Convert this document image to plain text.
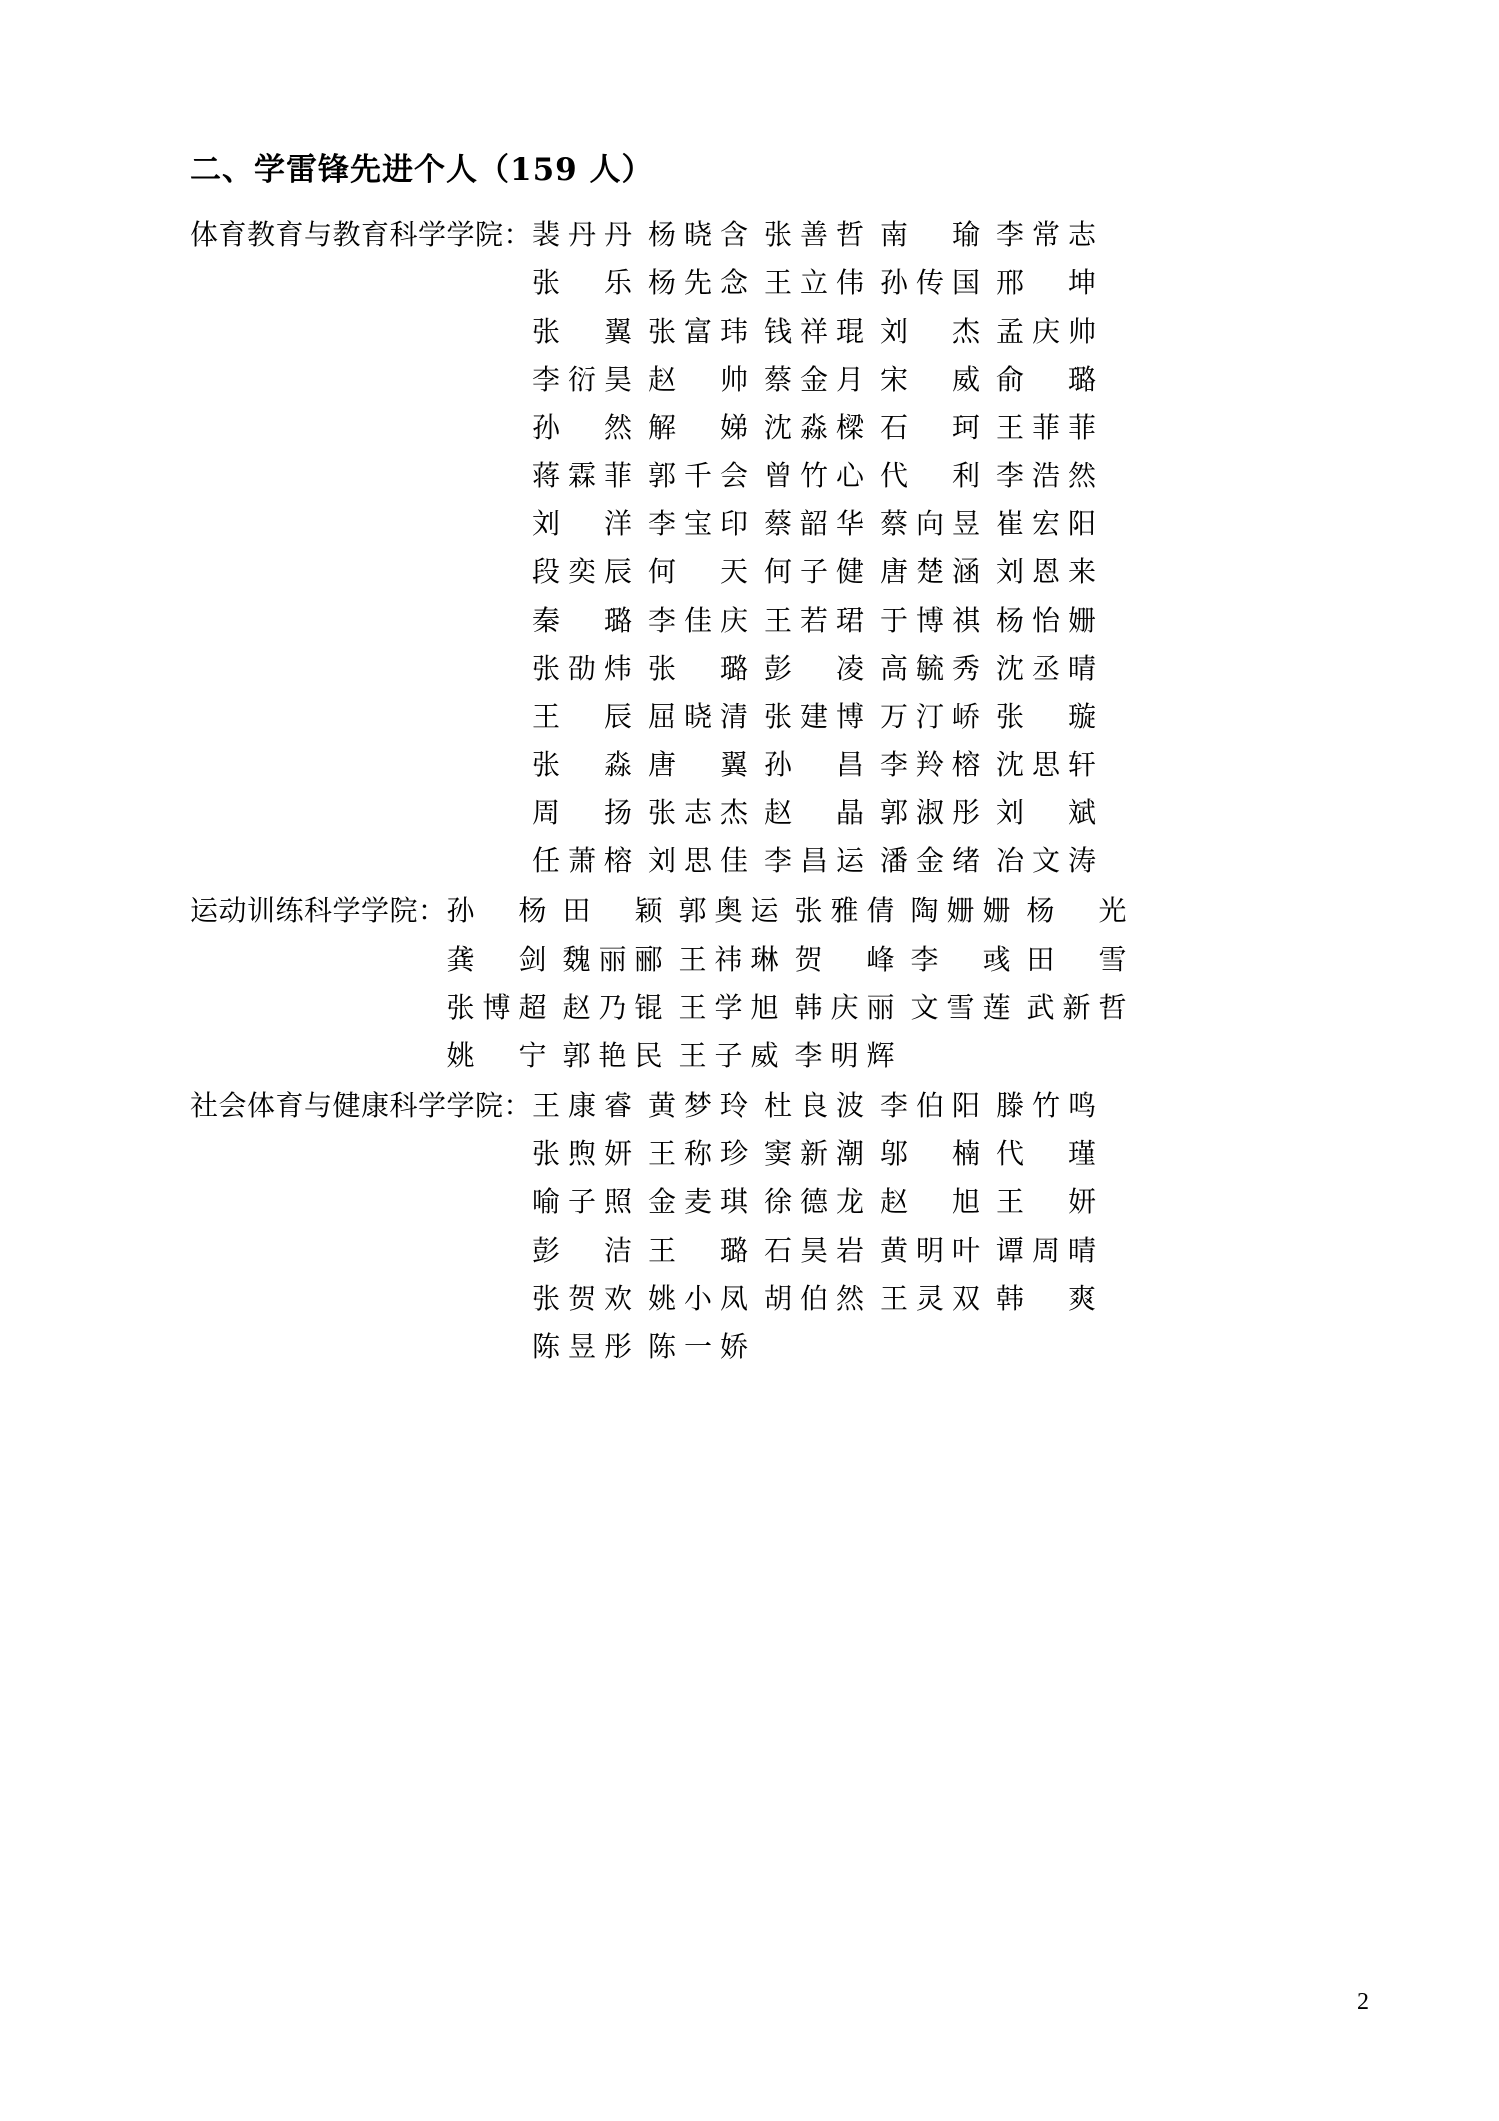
二、学雷锋先进个人（159 人）
体育教育与教育科学学院： 裴 丹 丹 杨 晓 含 张 善 哲 南 瑜 李 常 志
张 乐 杨 先 念 王 立 伟 孙 传 国 邢 坤
张 翼 张 富 玮 钱 祥 琨 刘 杰 孟 庆 帅
李 衍 昊 赵 帅 蔡 金 月 宋 威 俞 璐
孙 然 解 娣 沈 淼 樑 石 珂 王 菲 菲
蒋 霖 菲 郭 千 会 曾 竹 心 代 利 李 浩 然
刘 洋 李 宝 印 蔡 韶 华 蔡 向 昱 崔 宏 阳
段 奕 辰 何 天 何 子 健 唐 楚 涵 刘 恩 来
秦 璐 李 佳 庆 王 若 珺 于 博 祺 杨 怡 姗
张 劭 炜 张 璐 彭 凌 高 毓 秀 沈 丞 晴
王 辰 屈 晓 清 张 建 博 万 汀 峤 张 璇
张 淼 唐 翼 孙 昌 李 羚 榕 沈 思 轩
周 扬 张 志 杰 赵 晶 郭 淑 彤 刘 斌
任 萧 榕 刘 思 佳 李 昌 运 潘 金 绪 冶 文 涛
运动训练科学学院： 孙 杨 田 颖 郭 奥 运 张 雅 倩 陶 姗 姗 杨 光
龚 剑 魏 丽 郦 王 祎 琳 贺 峰 李 彧 田 雪
张 博 超 赵 乃 锟 王 学 旭 韩 庆 丽 文 雪 莲 武 新 哲
姚 宁 郭 艳 民 王 子 威 李 明 辉
社会体育与健康科学学院： 王 康 睿 黄 梦 玲 杜 良 波 李 伯 阳 滕 竹 鸣
张 煦 妍 王 称 珍 窦 新 潮 邬 楠 代 瑾
喻 子 照 金 麦 琪 徐 德 龙 赵 旭 王 妍
彭 洁 王 璐 石 昊 岩 黄 明 叶 谭 周 晴
张 贺 欢 姚 小 凤 胡 伯 然 王 灵 双 韩 爽
陈 昱 彤 陈 一 娇
2
